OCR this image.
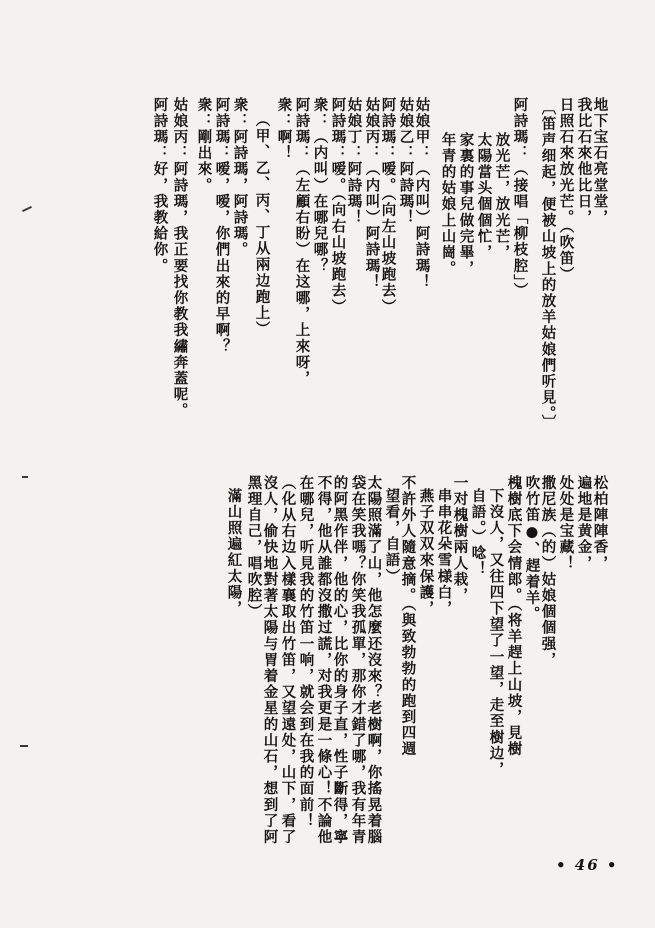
地下宝石亮堂堂，
我比石來他比日，
日照石來放光芒。（吹笛）
〔笛声细起，便被山坡上的放羊姑娘們听見。〕
阿詩瑪：（接唱「柳枝腔」）
放光芒，放光芒，
太陽當头個個忙，
家裏的事兒做完畢，
年青的姑娘上山崗。
姑娘甲：（内叫）阿詩瑪！
姑娘乙：阿詩瑪！
阿詩瑪：嗳。（向左山坡跑去）
姑娘丙：（内叫）阿詩瑪！
姑娘丁：阿詩瑪！
阿詩瑪：嗳。（向右山坡跑去）
衆：（内叫）在哪兒哪？
阿詩瑪：（左顧右盼）在这哪，上來呀，
衆：啊！
（甲、乙、丙、丁从兩边跑上）
衆：阿詩瑪，阿詩瑪。
阿詩瑪：嗳，嗳，你們出來的早啊？
衆：剛出來。
姑娘丙：阿詩瑪，我正要找你教我繡奔蓋呢。
阿詩瑪：好，我教給你。
松柏陣陣香，
遍地是黄金，
处处是宝藏！
撒尼族（的）姑娘個個强，
吹竹笛●、趕着羊。
槐樹底下会情郎。（将羊趕上山坡，見樹
下沒人，又往四下望了一望，走至樹边，
自語。）唸！
一对槐樹兩人栽，
串串花朵雪様白，
燕子双双來保護，
不許外人隨意摘。（與致勃勃的跑到四週
望看，自語）
太陽照滿了山，他怎麼还沒來？老樹啊，你搖晃着腦
袋在笑我嗎？你笑我孤單，那你才錯了哪，我有年青
的阿黑作伴，他的心，比你的身子直，性子斷得，寧
不得，他从誰都沒撒过謊，对我更是一條心！不論他
在哪兒，听見我的竹笛一响，就会到在我的面前！
（化从右边入樣襄取出竹笛，又望遠处，山下，看了
沒人，偷快地對著太陽与胃着金星的山石，想到了阿
黑理自己，唱吹腔）
滿山照遍紅太陽，
• 46 •
